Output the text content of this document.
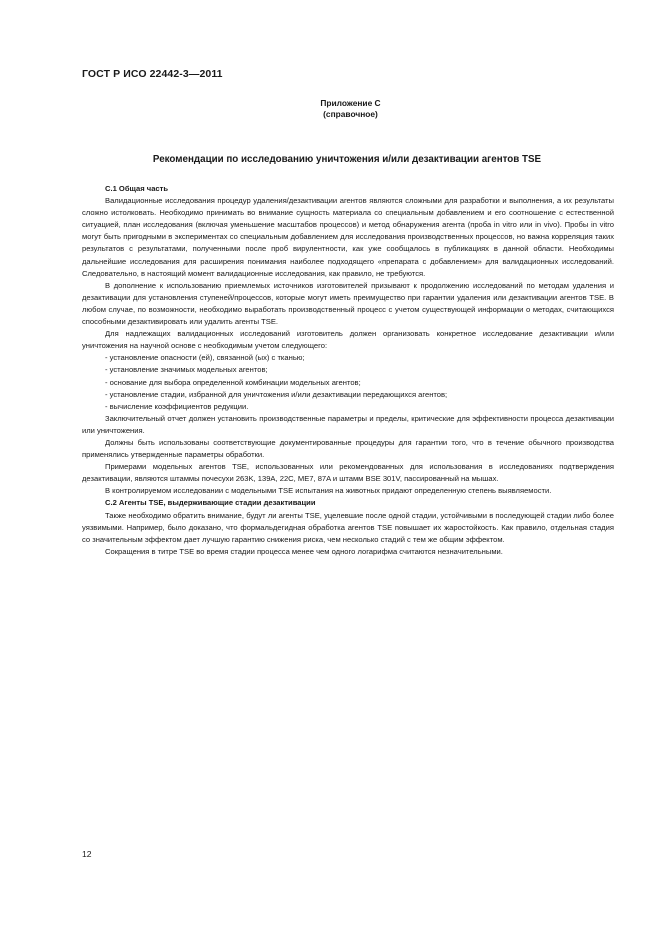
ГОСТ Р ИСО 22442-3—2011
Приложение С
(справочное)
Рекомендации по исследованию уничтожения и/или дезактивации агентов TSE
С.1 Общая часть

Валидационные исследования процедур удаления/дезактивации агентов являются сложными для разработки и выполнения, а их результаты сложно истолковать. Необходимо принимать во внимание сущность материала со специальным добавлением и его соотношение с естественной ситуацией, план исследования (включая уменьшение масштабов процессов) и метод обнаружения агента (проба in vitro или in vivo). Пробы in vitro могут быть пригодными в экспериментах со специальным добавлением для исследования производственных процессов, но важна корреляция таких результатов с результатами, полученными после проб вирулентности, как уже сообщалось в публикациях в данной области. Необходимы дальнейшие исследования для расширения понимания наиболее подходящего «препарата с добавлением» для валидационных исследований. Следовательно, в настоящий момент валидационные исследования, как правило, не требуются.

В дополнение к использованию приемлемых источников изготовителей призывают к продолжению исследований по методам удаления и дезактивации для установления ступеней/процессов, которые могут иметь преимущество при гарантии удаления или дезактивации агентов TSE. В любом случае, по возможности, необходимо выработать производственный процесс с учетом существующей информации о методах, считающихся способными дезактивировать или удалить агенты TSE.

Для надлежащих валидационных исследований изготовитель должен организовать конкретное исследование дезактивации и/или уничтожения на научной основе с необходимым учетом следующего:

- установление опасности (ей), связанной (ых) с тканью;
- установление значимых модельных агентов;
- основание для выбора определенной комбинации модельных агентов;
- установление стадии, избранной для уничтожения и/или дезактивации передающихся агентов;
- вычисление коэффициентов редукции.

Заключительный отчет должен установить производственные параметры и пределы, критические для эффективности процесса дезактивации или уничтожения.

Должны быть использованы соответствующие документированные процедуры для гарантии того, что в течение обычного производства применялись утвержденные параметры обработки.

Примерами модельных агентов TSE, использованных или рекомендованных для использования в исследованиях подтверждения дезактивации, являются штаммы почесухи 263K, 139A, 22C, ME7, 87A и штамм BSE 301V, пассированный на мышах.

В контролируемом исследовании с модельными TSE испытания на животных придают определенную степень выявляемости.

С.2 Агенты TSE, выдерживающие стадии дезактивации

Также необходимо обратить внимание, будут ли агенты TSE, уцелевшие после одной стадии, устойчивыми в последующей стадии либо более уязвимыми. Например, было доказано, что формальдегидная обработка агентов TSE повышает их жаростойкость. Как правило, отдельная стадия со значительным эффектом дает лучшую гарантию снижения риска, чем несколько стадий с тем же общим эффектом.

Сокращения в титре TSE во время стадии процесса менее чем одного логарифма считаются незначительными.

12
